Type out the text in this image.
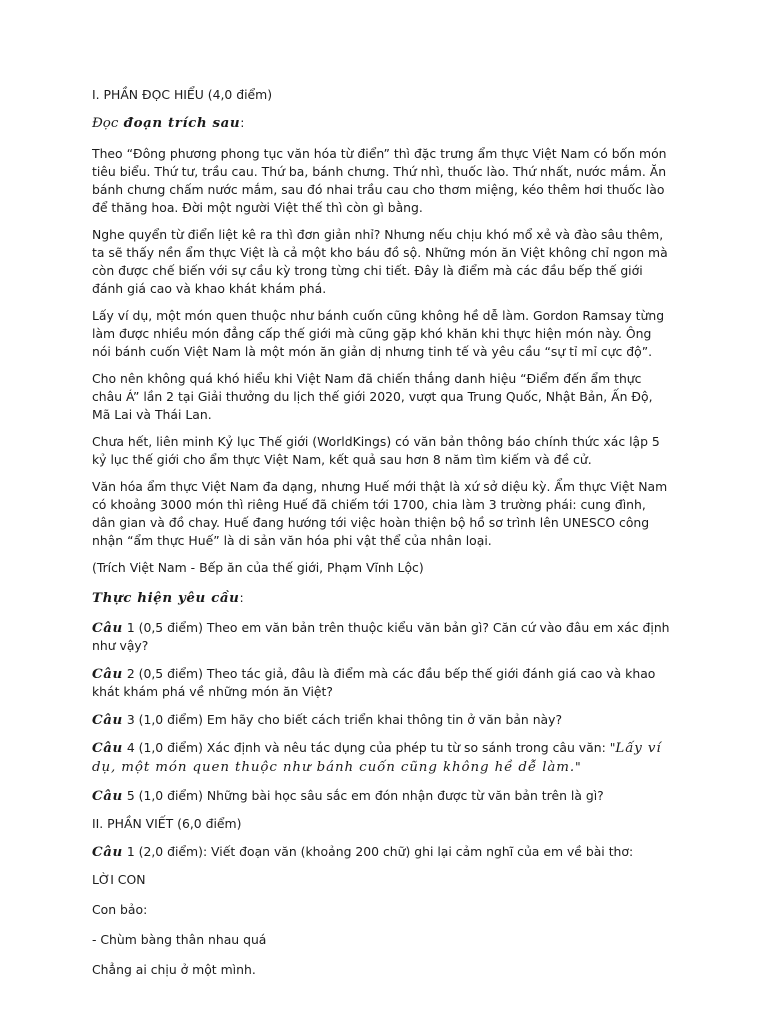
I. PHẦN ĐỌC HIỂU (4,0 điểm)

Đọc đoạn trích sau:

Theo “Đông phương phong tục văn hóa từ điển” thì đặc trưng ẩm thực Việt Nam có bốn món tiêu biểu. Thứ tư, trầu cau. Thứ ba, bánh chưng. Thứ nhì, thuốc lào. Thứ nhất, nước mắm. Ăn bánh chưng chấm nước mắm, sau đó nhai trầu cau cho thơm miệng, kéo thêm hơi thuốc lào để thăng hoa. Đời một người Việt thế thì còn gì bằng.

Nghe quyển từ điển liệt kê ra thì đơn giản nhỉ? Nhưng nếu chịu khó mổ xẻ và đào sâu thêm, ta sẽ thấy nền ẩm thực Việt là cả một kho báu đồ sộ. Những món ăn Việt không chỉ ngon mà còn được chế biến với sự cầu kỳ trong từng chi tiết. Đây là điểm mà các đầu bếp thế giới đánh giá cao và khao khát khám phá.

Lấy ví dụ, một món quen thuộc như bánh cuốn cũng không hề dễ làm. Gordon Ramsay từng làm được nhiều món đẳng cấp thế giới mà cũng gặp khó khăn khi thực hiện món này. Ông nói bánh cuốn Việt Nam là một món ăn giản dị nhưng tinh tế và yêu cầu “sự tỉ mỉ cực độ”.

Cho nên không quá khó hiểu khi Việt Nam đã chiến thắng danh hiệu “Điểm đến ẩm thực châu Á” lần 2 tại Giải thưởng du lịch thế giới 2020, vượt qua Trung Quốc, Nhật Bản, Ấn Độ, Mã Lai và Thái Lan.

Chưa hết, liên minh Kỷ lục Thế giới (WorldKings) có văn bản thông báo chính thức xác lập 5 kỷ lục thế giới cho ẩm thực Việt Nam, kết quả sau hơn 8 năm tìm kiếm và đề cử.

Văn hóa ẩm thực Việt Nam đa dạng, nhưng Huế mới thật là xứ sở diệu kỳ. Ẩm thực Việt Nam có khoảng 3000 món thì riêng Huế đã chiếm tới 1700, chia làm 3 trường phái: cung đình, dân gian và đồ chay. Huế đang hướng tới việc hoàn thiện bộ hồ sơ trình lên UNESCO công nhận “ẩm thực Huế” là di sản văn hóa phi vật thể của nhân loại.

(Trích Việt Nam - Bếp ăn của thế giới, Phạm Vĩnh Lộc)

Thực hiện yêu cầu:

Câu 1 (0,5 điểm) Theo em văn bản trên thuộc kiểu văn bản gì? Căn cứ vào đâu em xác định như vậy?

Câu 2 (0,5 điểm) Theo tác giả, đâu là điểm mà các đầu bếp thế giới đánh giá cao và khao khát khám phá về những món ăn Việt?

Câu 3 (1,0 điểm) Em hãy cho biết cách triển khai thông tin ở văn bản này?

Câu 4 (1,0 điểm) Xác định và nêu tác dụng của phép tu từ so sánh trong câu văn: "Lấy ví dụ, một món quen thuộc như bánh cuốn cũng không hề dễ làm."

Câu 5 (1,0 điểm) Những bài học sâu sắc em đón nhận được từ văn bản trên là gì?

II. PHẦN VIẾT (6,0 điểm)

Câu 1 (2,0 điểm): Viết đoạn văn (khoảng 200 chữ) ghi lại cảm nghĩ của em về bài thơ:

LỜI CON

Con bảo:

- Chùm bàng thân nhau quá

Chẳng ai chịu ở một mình.
